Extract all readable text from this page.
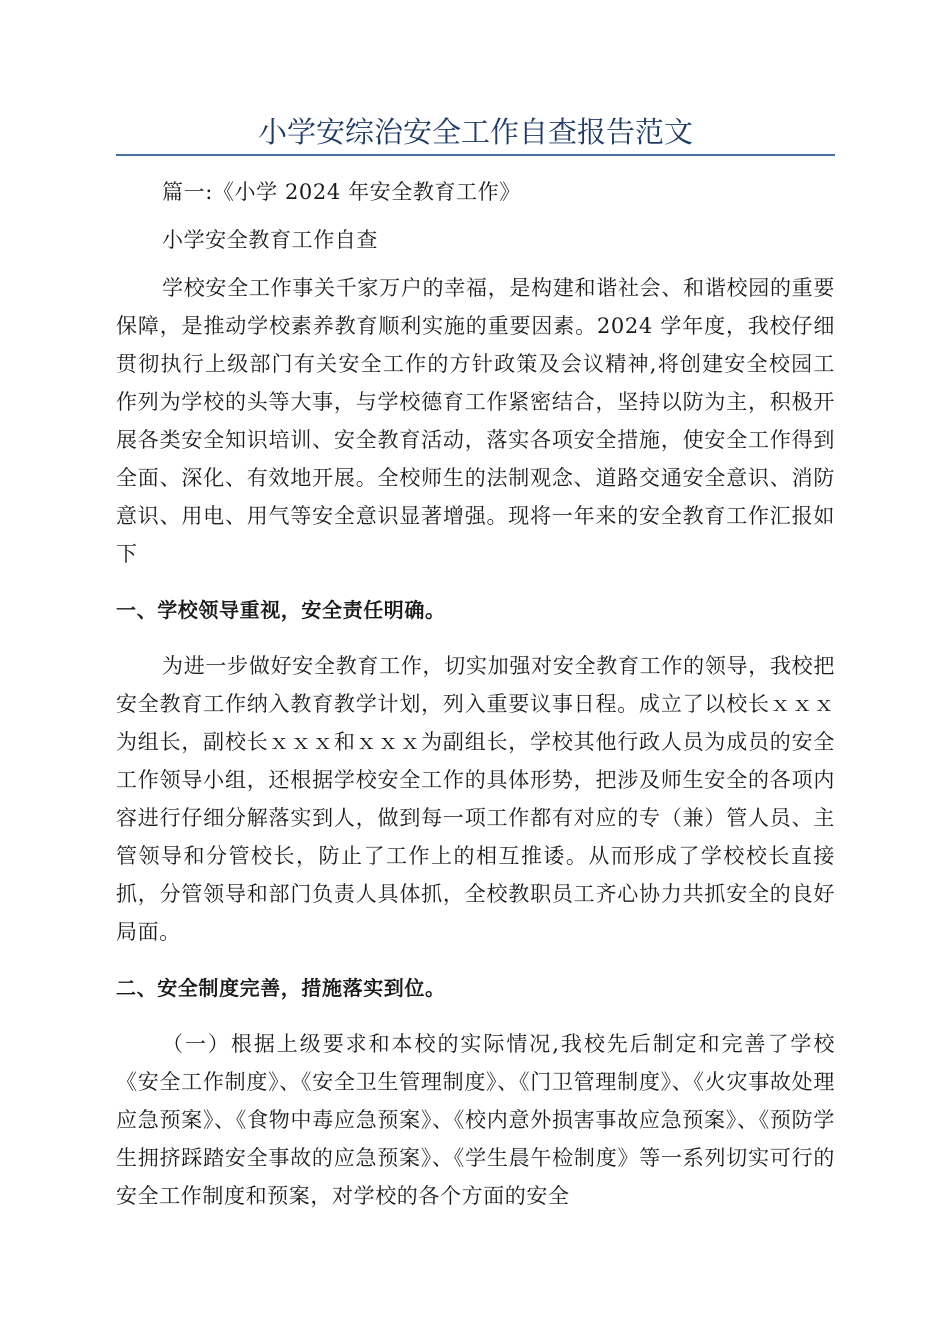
小学安综治安全工作自查报告范文

篇一:《小学 2024 年安全教育工作》

小学安全教育工作自查

学校安全工作事关千家万户的幸福，是构建和谐社会、和谐校园的重要保障，是推动学校素养教育顺利实施的重要因素。2024 学年度，我校仔细贯彻执行上级部门有关安全工作的方针政策及会议精神,将创建安全校园工作列为学校的头等大事，与学校德育工作紧密结合，坚持以防为主，积极开展各类安全知识培训、安全教育活动，落实各项安全措施，使安全工作得到全面、深化、有效地开展。全校师生的法制观念、道路交通安全意识、消防意识、用电、用气等安全意识显著增强。现将一年来的安全教育工作汇报如下

一、学校领导重视，安全责任明确。

为进一步做好安全教育工作，切实加强对安全教育工作的领导，我校把安全教育工作纳入教育教学计划，列入重要议事日程。成立了以校长ｘｘｘ为组长，副校长ｘｘｘ和ｘｘｘ为副组长，学校其他行政人员为成员的安全工作领导小组，还根据学校安全工作的具体形势，把涉及师生安全的各项内容进行仔细分解落实到人，做到每一项工作都有对应的专（兼）管人员、主管领导和分管校长，防止了工作上的相互推诿。从而形成了学校校长直接抓，分管领导和部门负责人具体抓，全校教职员工齐心协力共抓安全的良好局面。

二、安全制度完善，措施落实到位。

（一）根据上级要求和本校的实际情况,我校先后制定和完善了学校《安全工作制度》、《安全卫生管理制度》、《门卫管理制度》、《火灾事故处理应急预案》、《食物中毒应急预案》、《校内意外损害事故应急预案》、《预防学生拥挤踩踏安全事故的应急预案》、《学生晨午检制度》等一系列切实可行的安全工作制度和预案，对学校的各个方面的安全
